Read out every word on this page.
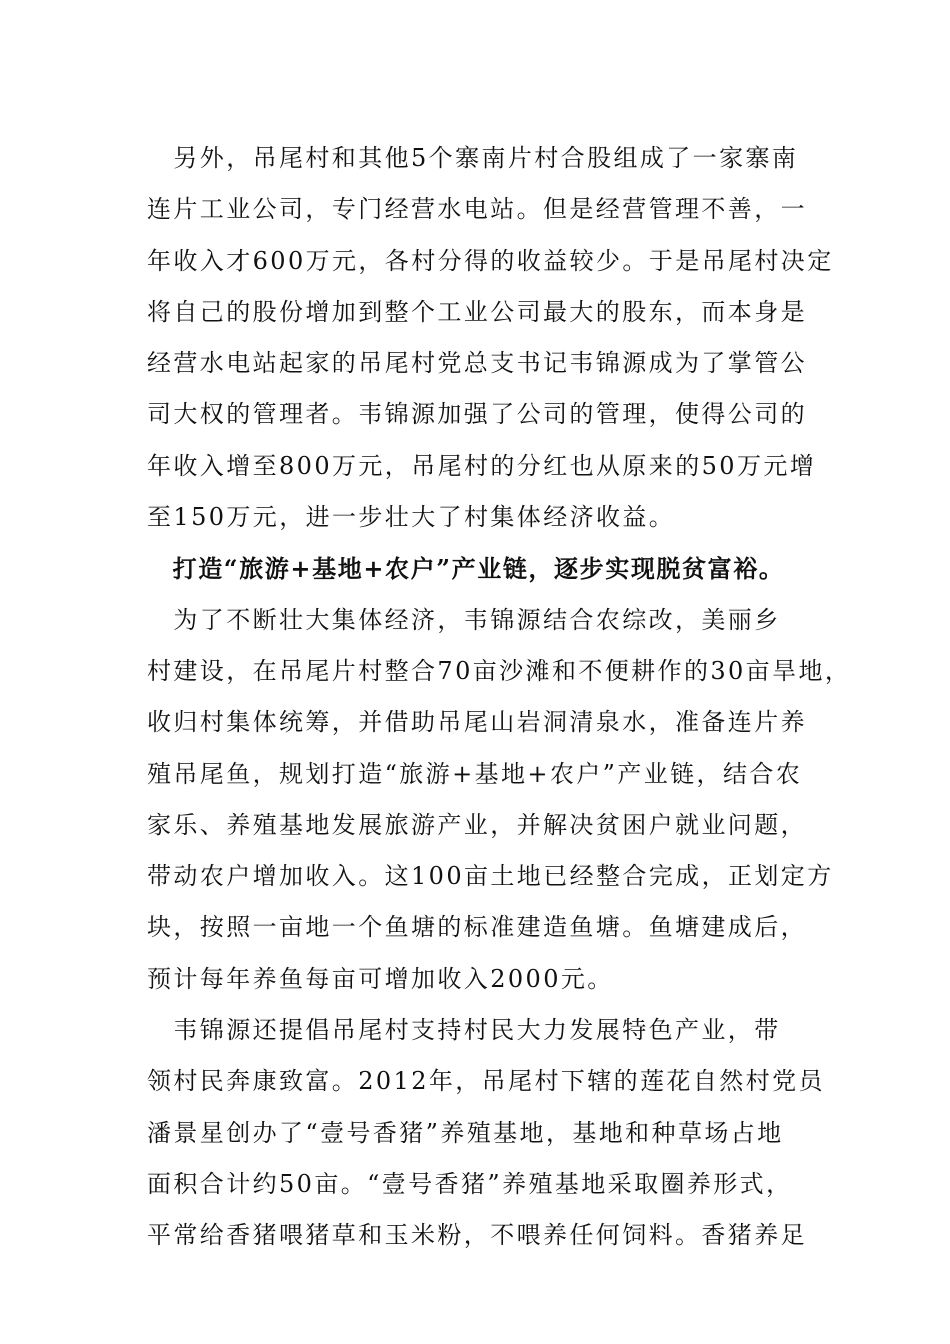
　另外，吊尾村和其他5个寨南片村合股组成了一家寨南
连片工业公司，专门经营水电站。但是经营管理不善，一
年收入才600万元，各村分得的收益较少。于是吊尾村决定
将自己的股份增加到整个工业公司最大的股东，而本身是
经营水电站起家的吊尾村党总支书记韦锦源成为了掌管公
司大权的管理者。韦锦源加强了公司的管理，使得公司的
年收入增至800万元，吊尾村的分红也从原来的50万元增
至150万元，进一步壮大了村集体经济收益。
　打造“旅游+基地+农户”产业链，逐步实现脱贫富裕。
　为了不断壮大集体经济，韦锦源结合农综改，美丽乡
村建设，在吊尾片村整合70亩沙滩和不便耕作的30亩旱地，
收归村集体统筹，并借助吊尾山岩洞清泉水，准备连片养
殖吊尾鱼，规划打造“旅游+基地+农户”产业链，结合农
家乐、养殖基地发展旅游产业，并解决贫困户就业问题，
带动农户增加收入。这100亩土地已经整合完成，正划定方
块，按照一亩地一个鱼塘的标准建造鱼塘。鱼塘建成后，
预计每年养鱼每亩可增加收入2000元。
　韦锦源还提倡吊尾村支持村民大力发展特色产业，带
领村民奔康致富。2012年，吊尾村下辖的莲花自然村党员
潘景星创办了“壹号香猪”养殖基地，基地和种草场占地
面积合计约50亩。“壹号香猪”养殖基地采取圈养形式，
平常给香猪喂猪草和玉米粉，不喂养任何饲料。香猪养足
